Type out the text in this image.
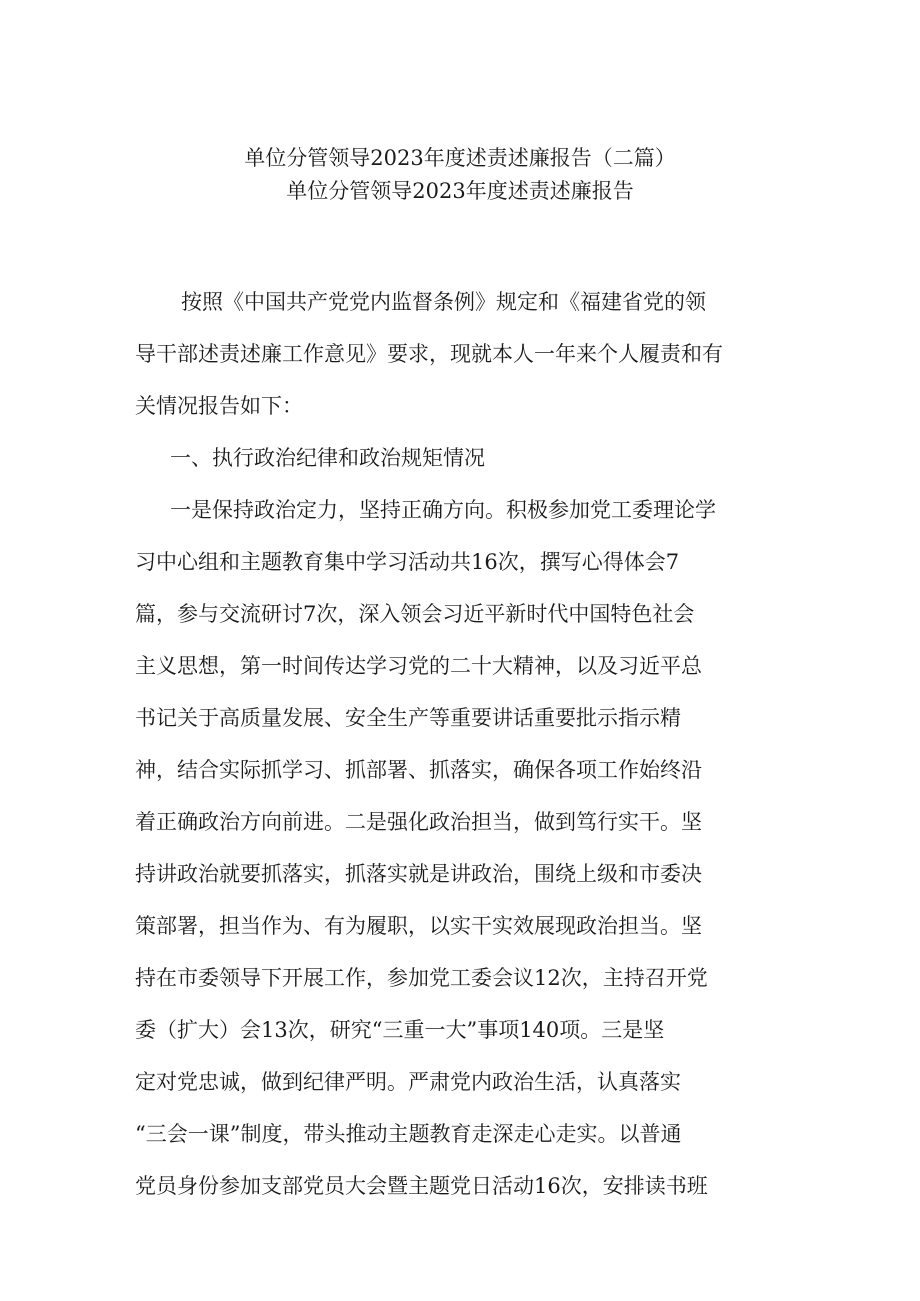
单位分管领导2023年度述责述廉报告（二篇）
单位分管领导2023年度述责述廉报告
按照《中国共产党党内监督条例》规定和《福建省党的领
导干部述责述廉工作意见》要求，现就本人一年来个人履责和有
关情况报告如下：
一、执行政治纪律和政治规矩情况
一是保持政治定力，坚持正确方向。积极参加党工委理论学
习中心组和主题教育集中学习活动共16次，撰写心得体会7
篇，参与交流研讨7次，深入领会习近平新时代中国特色社会
主义思想，第一时间传达学习党的二十大精神，以及习近平总
书记关于高质量发展、安全生产等重要讲话重要批示指示精
神，结合实际抓学习、抓部署、抓落实，确保各项工作始终沿
着正确政治方向前进。二是强化政治担当，做到笃行实干。坚
持讲政治就要抓落实，抓落实就是讲政治，围绕上级和市委决
策部署，担当作为、有为履职，以实干实效展现政治担当。坚
持在市委领导下开展工作，参加党工委会议12次，主持召开党
委（扩大）会13次，研究“三重一大”事项140项。三是坚
定对党忠诚，做到纪律严明。严肃党内政治生活，认真落实
“三会一课”制度，带头推动主题教育走深走心走实。以普通
党员身份参加支部党员大会暨主题党日活动16次，安排读书班
